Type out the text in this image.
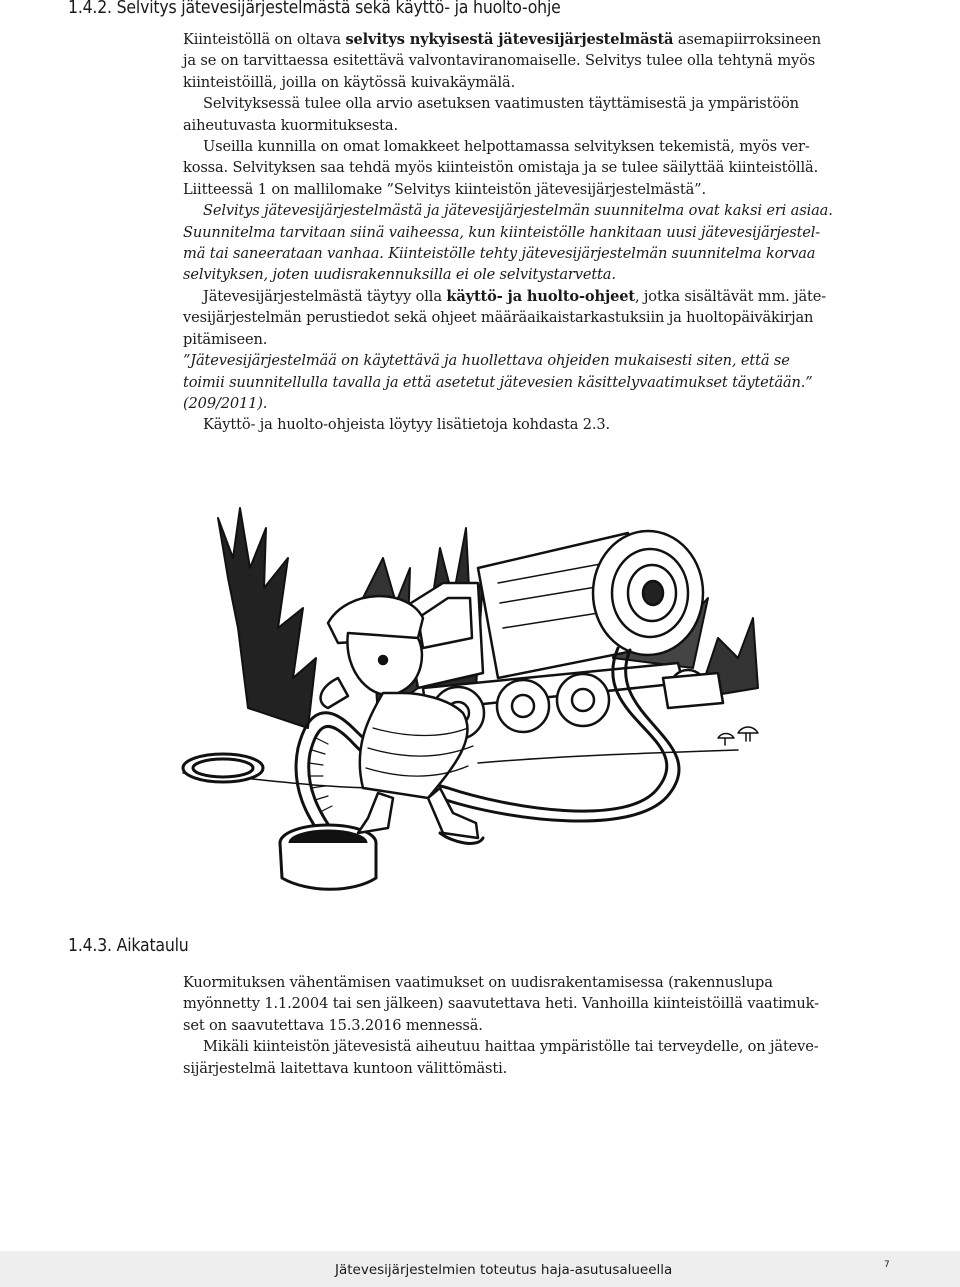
1.4.2. Selvitys jätevesijärjestelmästä sekä käyttö- ja huolto-ohje
Kiinteistöllä on oltava selvitys nykyisestä jätevesijärjestelmästä asemapiirroksineen
ja se on tarvittaessa esitettävä valvontaviranomaiselle. Selvitys tulee olla tehtynä myös
kiinteistöillä, joilla on käytössä kuivakäymälä.
Selvityksessä tulee olla arvio asetuksen vaatimusten täyttämisestä ja ympäristöön
aiheutuvasta kuormituksesta.
Useilla kunnilla on omat lomakkeet helpottamassa selvityksen tekemistä, myös ver-
kossa. Selvityksen saa tehdä myös kiinteistön omistaja ja se tulee säilyttää kiinteistöllä.
Liitteessä 1 on mallilomake ”Selvitys kiinteistön jätevesijärjestelmästä”.
Selvitys jätevesijärjestelmästä ja jätevesijärjestelmän suunnitelma ovat kaksi eri asiaa.
Suunnitelma tarvitaan siinä vaiheessa, kun kiinteistölle hankitaan uusi jätevesijärjestel-
mä tai saneerataan vanhaa. Kiinteistölle tehty jätevesijärjestelmän suunnitelma korvaa
selvityksen, joten uudisrakennuksilla ei ole selvitystarvetta.
Jätevesijärjestelmästä täytyy olla käyttö- ja huolto-ohjeet, jotka sisältävät mm. jäte-
vesijärjestelmän perustiedot sekä ohjeet määräaikaistarkastuksiin ja huoltopäiväkirjan
pitämiseen.
”Jätevesijärjestelmää on käytettävä ja huollettava ohjeiden mukaisesti siten, että se
toimii suunnitellulla tavalla ja että asetetut jätevesien käsittelyvaatimukset täytetään.”
(209/2011).
Käyttö- ja huolto-ohjeista löytyy lisätietoja kohdasta 2.3.
1.4.3. Aikataulu
Kuormituksen vähentämisen vaatimukset on uudisrakentamisessa (rakennuslupa
myönnetty 1.1.2004 tai sen jälkeen) saavutettava heti. Vanhoilla kiinteistöillä vaatimuk-
set on saavutettava 15.3.2016 mennessä.
Mikäli kiinteistön jätevesistä aiheutuu haittaa ympäristölle tai terveydelle, on jäteve-
sijärjestelmä laitettava kuntoon välittömästi.
Jätevesijärjestelmien toteutus haja-asutusalueella	7
